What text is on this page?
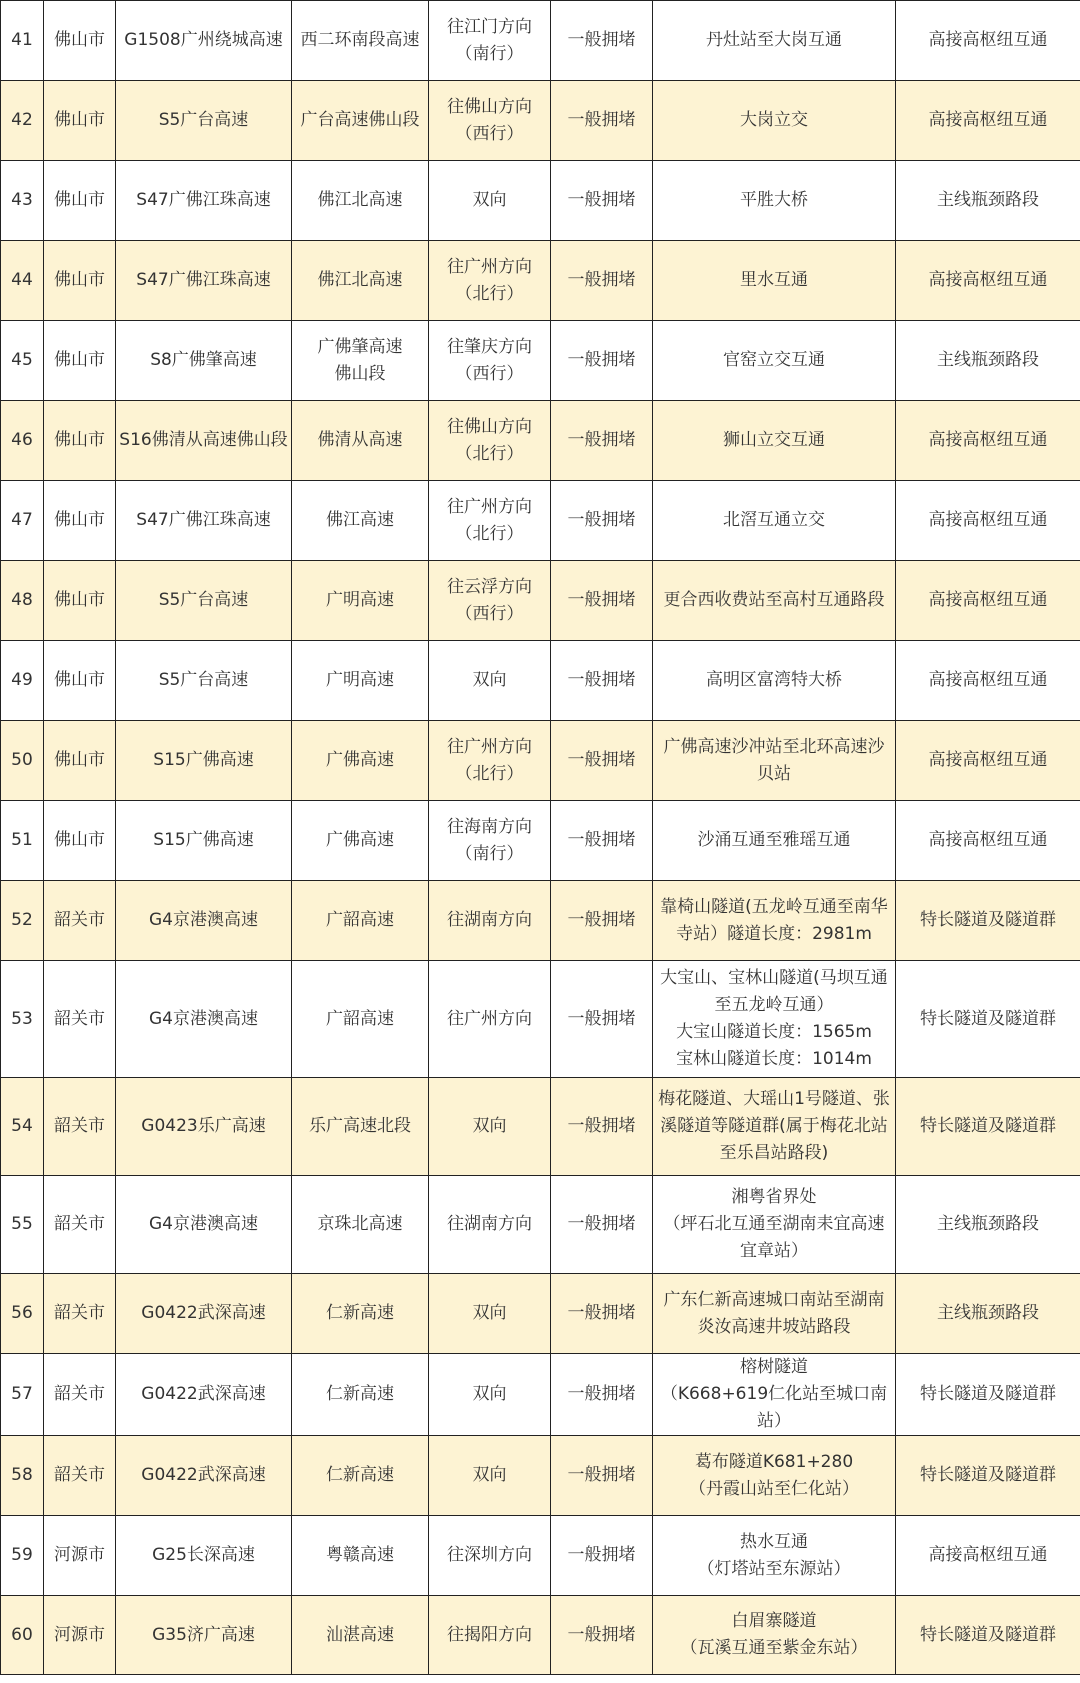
41	佛山市	G1508广州绕城高速	西二环南段高速	往江门方向
（南行）	一般拥堵	丹灶站至大岗互通	高接高枢纽互通
42	佛山市	S5广台高速	广台高速佛山段	往佛山方向
（西行）	一般拥堵	大岗立交	高接高枢纽互通
43	佛山市	S47广佛江珠高速	佛江北高速	双向	一般拥堵	平胜大桥	主线瓶颈路段
44	佛山市	S47广佛江珠高速	佛江北高速	往广州方向
（北行）	一般拥堵	里水互通	高接高枢纽互通
45	佛山市	S8广佛肇高速	广佛肇高速
佛山段	往肇庆方向
（西行）	一般拥堵	官窑立交互通	主线瓶颈路段
46	佛山市	S16佛清从高速佛山段	佛清从高速	往佛山方向
（北行）	一般拥堵	狮山立交互通	高接高枢纽互通
47	佛山市	S47广佛江珠高速	佛江高速	往广州方向
（北行）	一般拥堵	北滘互通立交	高接高枢纽互通
48	佛山市	S5广台高速	广明高速	往云浮方向
（西行）	一般拥堵	更合西收费站至高村互通路段	高接高枢纽互通
49	佛山市	S5广台高速	广明高速	双向	一般拥堵	高明区富湾特大桥	高接高枢纽互通
50	佛山市	S15广佛高速	广佛高速	往广州方向
（北行）	一般拥堵	广佛高速沙冲站至北环高速沙贝站	高接高枢纽互通
51	佛山市	S15广佛高速	广佛高速	往海南方向
（南行）	一般拥堵	沙涌互通至雅瑶互通	高接高枢纽互通
52	韶关市	G4京港澳高速	广韶高速	往湖南方向	一般拥堵	靠椅山隧道(五龙岭互通至南华寺站）隧道长度：2981m	特长隧道及隧道群
53	韶关市	G4京港澳高速	广韶高速	往广州方向	一般拥堵	大宝山、宝林山隧道(马坝互通至五龙岭互通）
大宝山隧道长度：1565m
宝林山隧道长度：1014m	特长隧道及隧道群
54	韶关市	G0423乐广高速	乐广高速北段	双向	一般拥堵	梅花隧道、大瑶山1号隧道、张溪隧道等隧道群(属于梅花北站至乐昌站路段)	特长隧道及隧道群
55	韶关市	G4京港澳高速	京珠北高速	往湖南方向	一般拥堵	湘粤省界处
（坪石北互通至湖南耒宜高速宜章站）	主线瓶颈路段
56	韶关市	G0422武深高速	仁新高速	双向	一般拥堵	广东仁新高速城口南站至湖南炎汝高速井坡站路段	主线瓶颈路段
57	韶关市	G0422武深高速	仁新高速	双向	一般拥堵	榕树隧道
（K668+619仁化站至城口南站）	特长隧道及隧道群
58	韶关市	G0422武深高速	仁新高速	双向	一般拥堵	葛布隧道K681+280
（丹霞山站至仁化站）	特长隧道及隧道群
59	河源市	G25长深高速	粤赣高速	往深圳方向	一般拥堵	热水互通
（灯塔站至东源站）	高接高枢纽互通
60	河源市	G35济广高速	汕湛高速	往揭阳方向	一般拥堵	白眉寨隧道
（瓦溪互通至紫金东站）	特长隧道及隧道群
